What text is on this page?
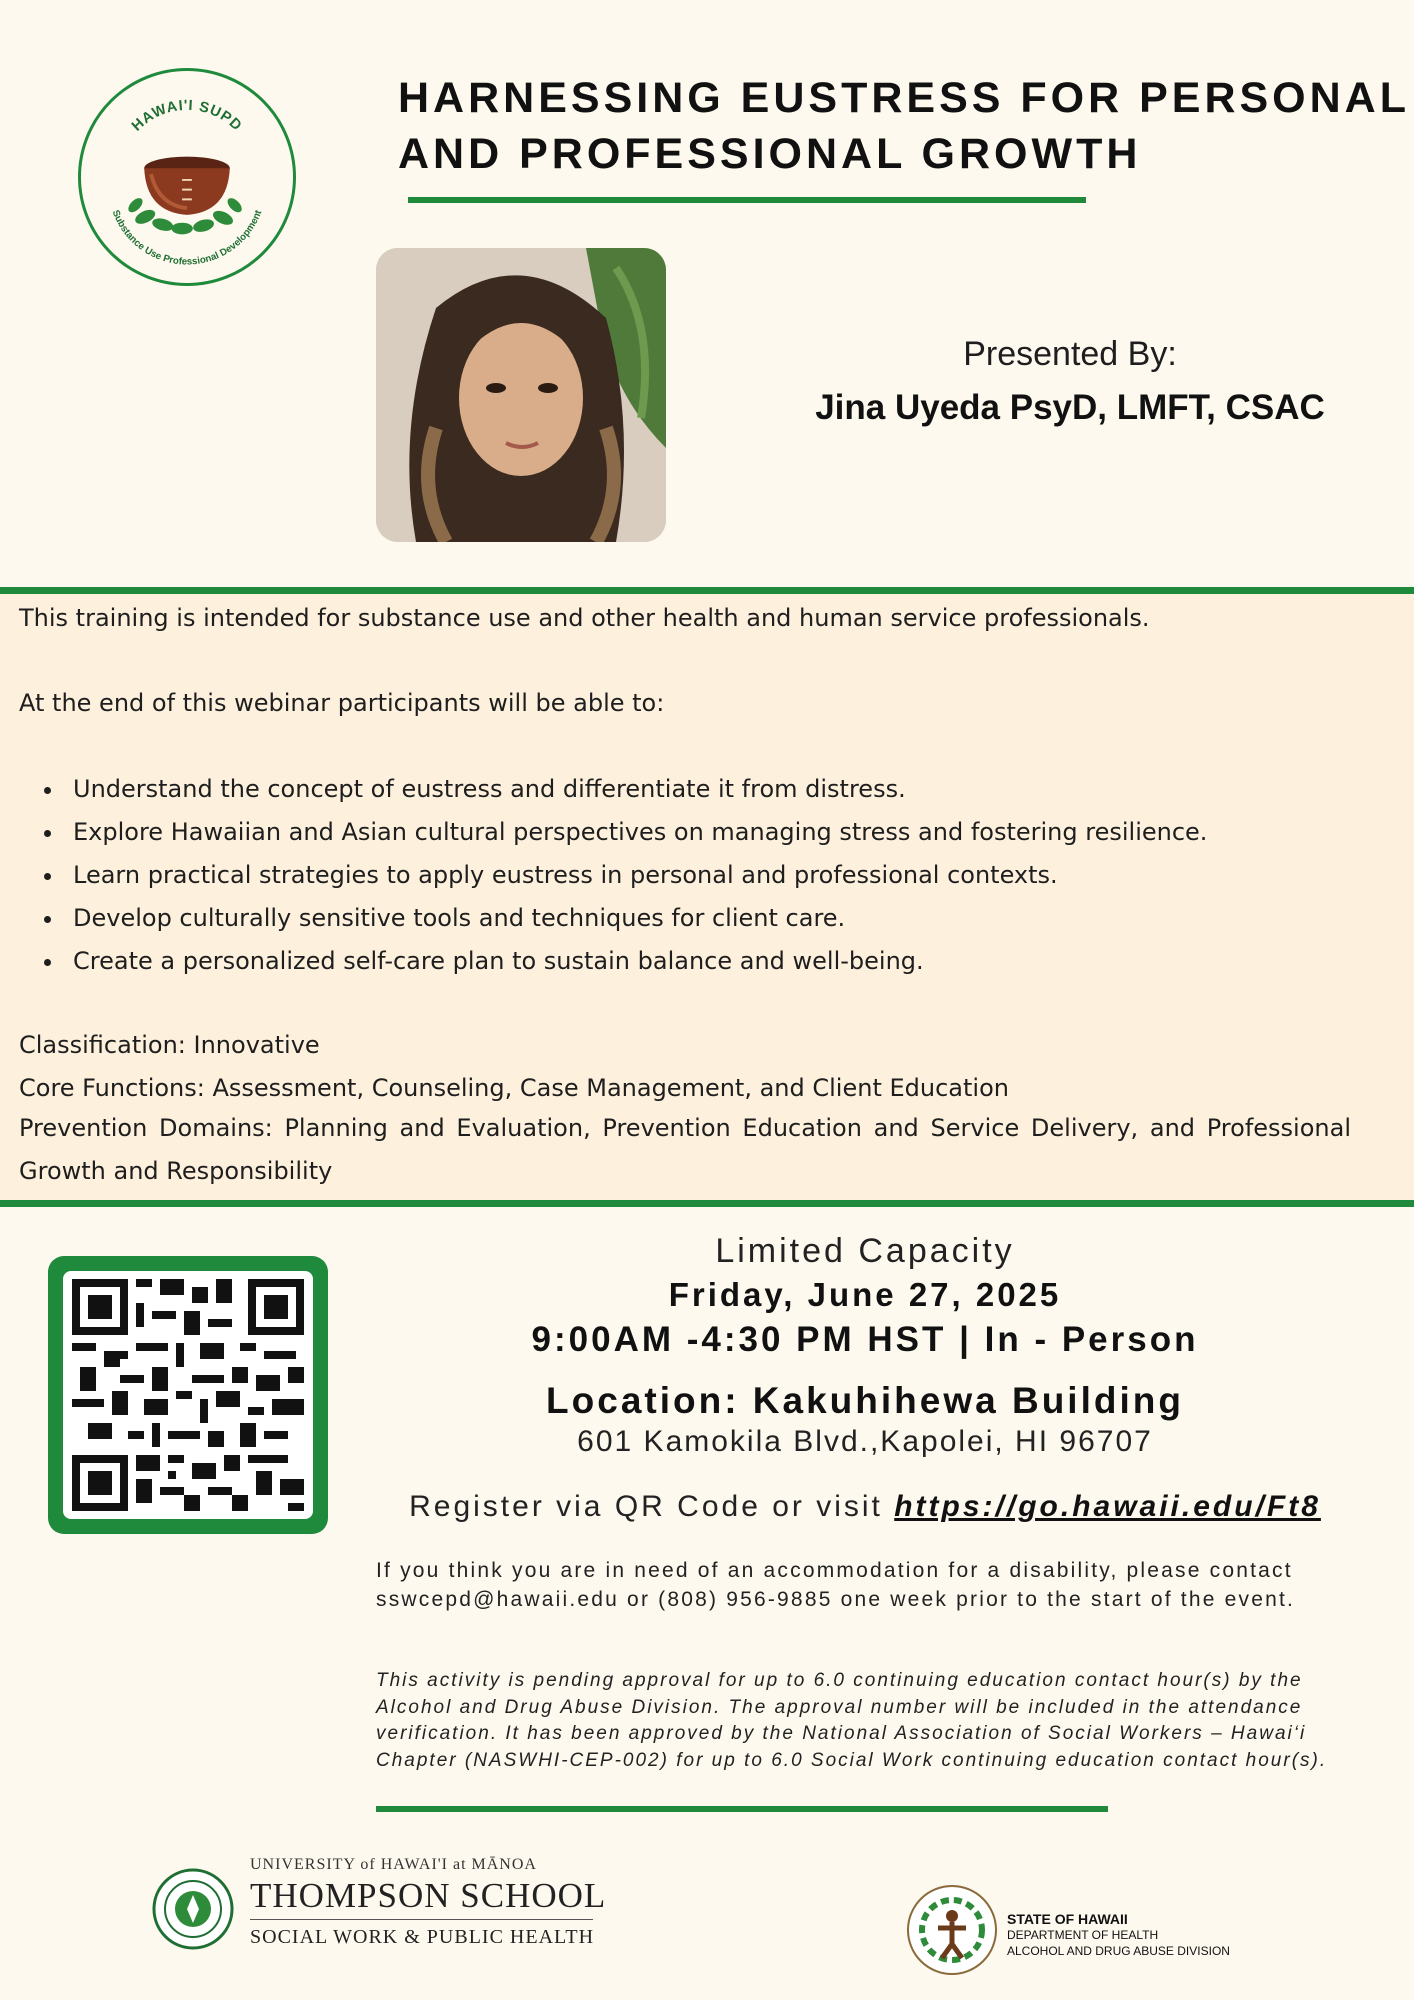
HAWAI'I SUPD
Substance Use Professional Development
HARNESSING EUSTRESS FOR PERSONAL
AND PROFESSIONAL GROWTH
Presented By:
Jina Uyeda PsyD, LMFT, CSAC
This training is intended for substance use and other health and human service professionals.
At the end of this webinar participants will be able to:
Understand the concept of eustress and differentiate it from distress.
Explore Hawaiian and Asian cultural perspectives on managing stress and fostering resilience.
Learn practical strategies to apply eustress in personal and professional contexts.
Develop culturally sensitive tools and techniques for client care.
Create a personalized self-care plan to sustain balance and well-being.
Classification: Innovative
Core Functions: Assessment, Counseling, Case Management, and Client Education
Prevention Domains: Planning and Evaluation, Prevention Education and Service Delivery, and Professional Growth and Responsibility
Limited Capacity
Friday, June 27, 2025
9:00AM -4:30 PM HST | In - Person
Location: Kakuhihewa Building
601 Kamokila Blvd.,Kapolei, HI 96707
Register via QR Code or visit https://go.hawaii.edu/Ft8
If you think you are in need of an accommodation for a disability, please contact sswcepd@hawaii.edu or (808) 956-9885 one week prior to the start of the event.
This activity is pending approval for up to 6.0 continuing education contact hour(s) by the Alcohol and Drug Abuse Division. The approval number will be included in the attendance verification. It has been approved by the National Association of Social Workers – Hawai‘i Chapter (NASWHI-CEP-002) for up to 6.0 Social Work continuing education contact hour(s).
UNIVERSITY of HAWAI'I at MĀNOA
THOMPSON SCHOOL
SOCIAL WORK & PUBLIC HEALTH
STATE OF HAWAII
DEPARTMENT OF HEALTH
ALCOHOL AND DRUG ABUSE DIVISION
